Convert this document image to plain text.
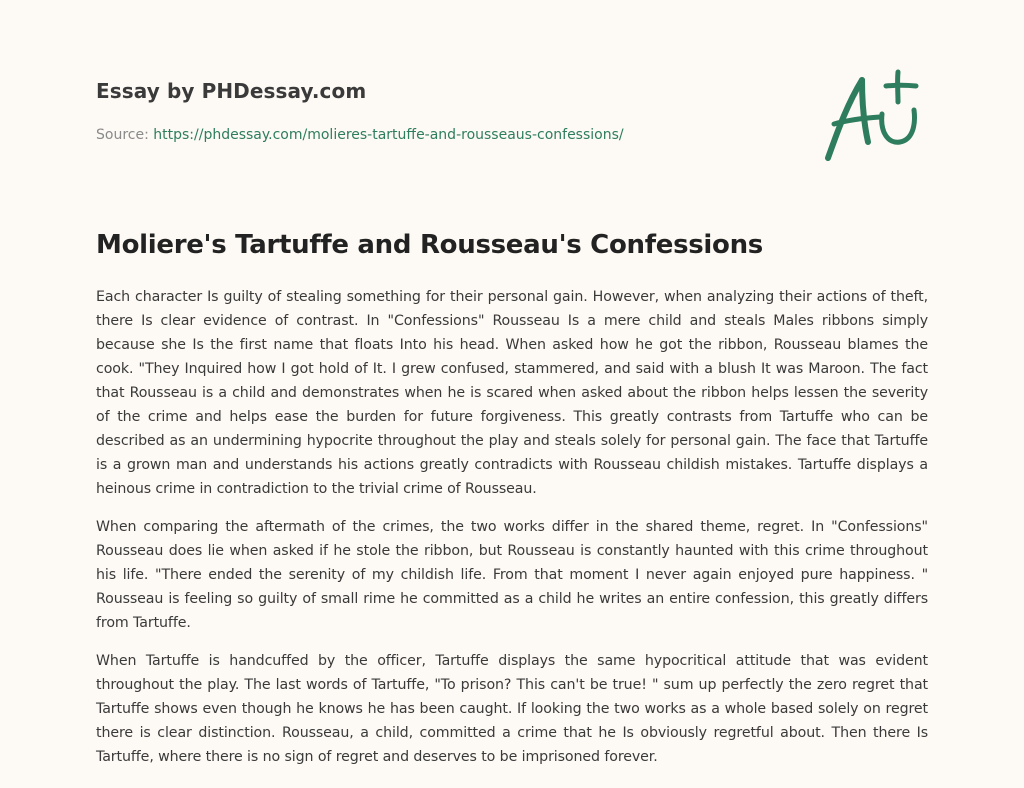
Essay by PHDessay.com
Source: https://phdessay.com/molieres-tartuffe-and-rousseaus-confessions/
Moliere's Tartuffe and Rousseau's Confessions

Each character Is guilty of stealing something for their personal gain. However, when analyzing their actions of theft, there Is clear evidence of contrast. In "Confessions" Rousseau Is a mere child and steals Males ribbons simply because she Is the first name that floats Into his head. When asked how he got the ribbon, Rousseau blames the cook. "They Inquired how I got hold of It. I grew confused, stammered, and said with a blush It was Maroon. The fact that Rousseau is a child and demonstrates when he is scared when asked about the ribbon helps lessen the severity of the crime and helps ease the burden for future forgiveness. This greatly contrasts from Tartuffe who can be described as an undermining hypocrite throughout the play and steals solely for personal gain. The face that Tartuffe is a grown man and understands his actions greatly contradicts with Rousseau childish mistakes. Tartuffe displays a heinous crime in contradiction to the trivial crime of Rousseau.

When comparing the aftermath of the crimes, the two works differ in the shared theme, regret. In "Confessions" Rousseau does lie when asked if he stole the ribbon, but Rousseau is constantly haunted with this crime throughout his life. "There ended the serenity of my childish life. From that moment I never again enjoyed pure happiness. " Rousseau is feeling so guilty of small rime he committed as a child he writes an entire confession, this greatly differs from Tartuffe.

When Tartuffe is handcuffed by the officer, Tartuffe displays the same hypocritical attitude that was evident throughout the play. The last words of Tartuffe, "To prison? This can't be true! " sum up perfectly the zero regret that Tartuffe shows even though he knows he has been caught. If looking the two works as a whole based solely on regret there is clear distinction. Rousseau, a child, committed a crime that he Is obviously regretful about. Then there Is Tartuffe, where there is no sign of regret and deserves to be imprisoned forever.
